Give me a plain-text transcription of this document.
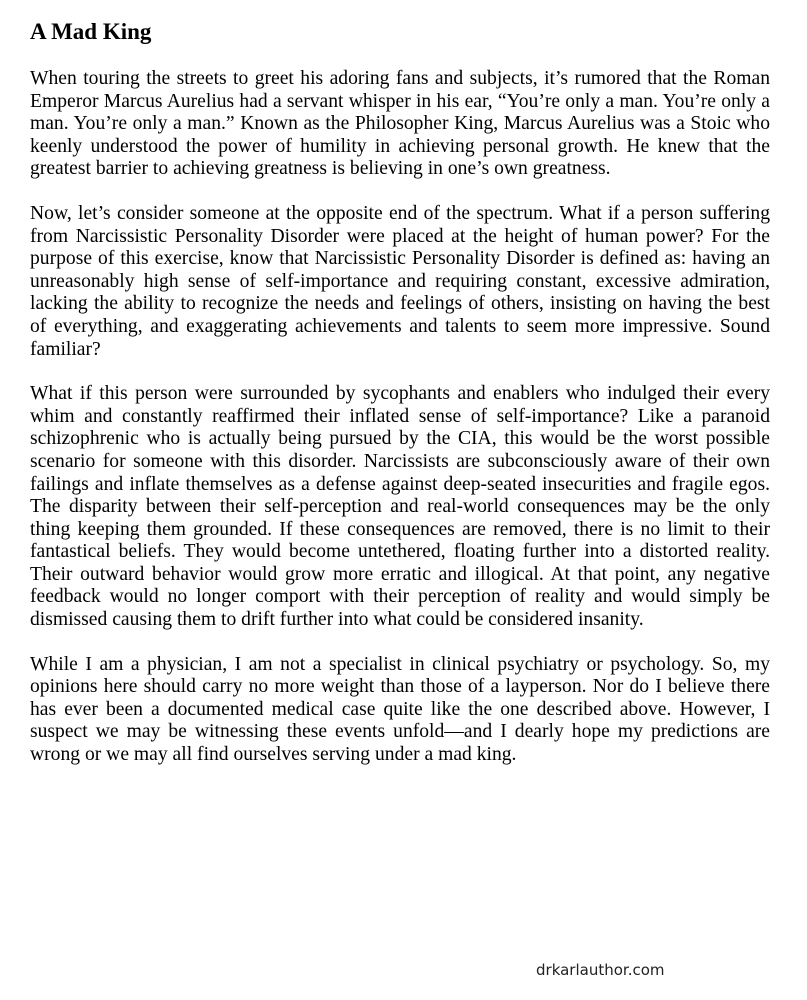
A Mad King

When touring the streets to greet his adoring fans and subjects, it’s rumored that the Roman Emperor Marcus Aurelius had a servant whisper in his ear, “You’re only a man. You’re only a man. You’re only a man.” Known as the Philosopher King, Marcus Aurelius was a Stoic who keenly understood the power of humility in achieving personal growth. He knew that the greatest barrier to achieving greatness is believing in one’s own greatness.

Now, let’s consider someone at the opposite end of the spectrum. What if a person suffering from Narcissistic Personality Disorder were placed at the height of human power? For the purpose of this exercise, know that Narcissistic Personality Disorder is defined as: having an unreasonably high sense of self-importance and requiring constant, excessive admiration, lacking the ability to recognize the needs and feelings of others, insisting on having the best of everything, and exaggerating achievements and talents to seem more impressive. Sound familiar?

What if this person were surrounded by sycophants and enablers who indulged their every whim and constantly reaffirmed their inflated sense of self-importance? Like a paranoid schizophrenic who is actually being pursued by the CIA, this would be the worst possible scenario for someone with this disorder. Narcissists are subconsciously aware of their own failings and inflate themselves as a defense against deep-seated insecurities and fragile egos. The disparity between their self-perception and real-world consequences may be the only thing keeping them grounded. If these consequences are removed, there is no limit to their fantastical beliefs. They would become untethered, floating further into a distorted reality. Their outward behavior would grow more erratic and illogical. At that point, any negative feedback would no longer comport with their perception of reality and would simply be dismissed causing them to drift further into what could be considered insanity.

While I am a physician, I am not a specialist in clinical psychiatry or psychology. So, my opinions here should carry no more weight than those of a layperson. Nor do I believe there has ever been a documented medical case quite like the one described above. However, I suspect we may be witnessing these events unfold—and I dearly hope my predictions are wrong or we may all find ourselves serving under a mad king.

drkarlauthor.com
